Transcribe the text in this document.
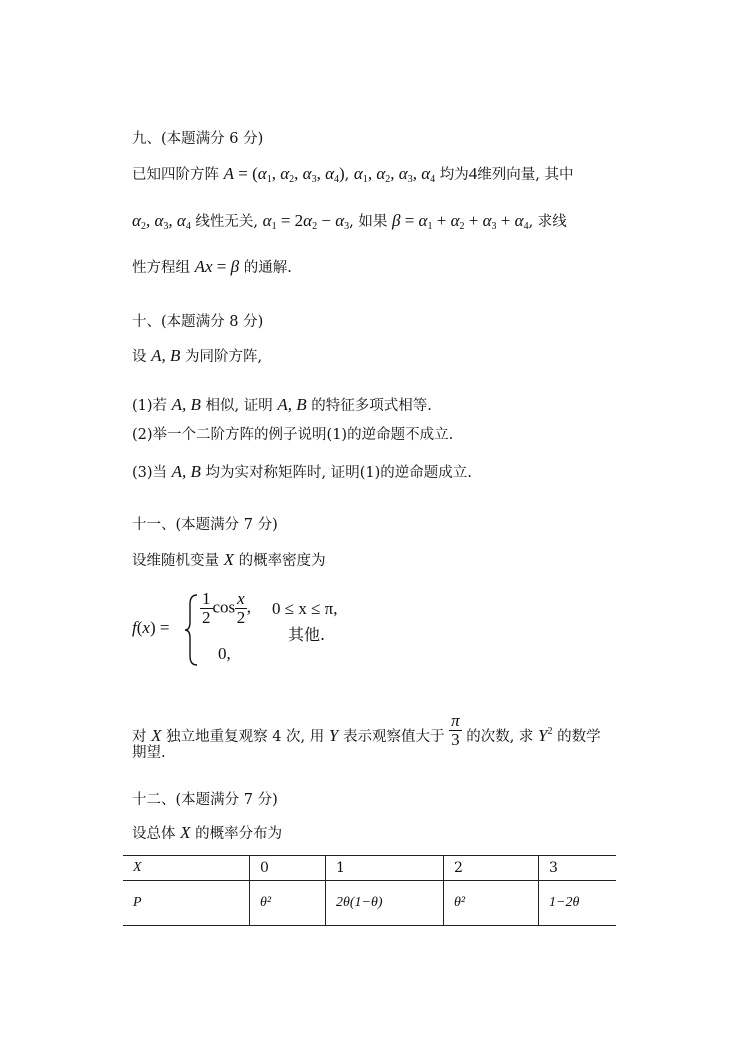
九、(本题满分 6 分)
已知四阶方阵 $A = (\alpha_1$, $\alpha_2$, $\alpha_3$, $\alpha_4$), $\alpha_1$, $\alpha_2$, $\alpha_3$, $\alpha_4$ 均为4维列向量, 其中
$\alpha_2$, $\alpha_3$, $\alpha_4$ 线性无关, $\alpha_1 = 2\alpha_2 - \alpha_3$, 如果 $\beta = \alpha_1 + \alpha_2 + \alpha_3 + \alpha_4$, 求线
性方程组 Ax = β 的通解.
十、(本题满分 8 分)
设 A, B 为同阶方阵,
(1)若 A, B 相似, 证明 A, B 的特征多项式相等.
(2)举一个二阶方阵的例子说明(1)的逆命题不成立.
(3)当 A, B 均为实对称矩阵时, 证明(1)的逆命题成立.
十一、(本题满分 7 分)
设维随机变量 X 的概率密度为
f(x) =
$\frac{1}{2}$ $\cos \frac{x}{2}$ , 0 ≤ x ≤ π,
0,
其他.
对 X 独立地重复观察 4 次, 用 Y 表示观察值大于 $\frac{\pi}{3}$ 的次数, 求 $Y^2$ 的数学
期望.
十二、(本题满分 7 分)
设总体 X 的概率分布为
X	0	1	2	3
P	θ²	2θ(1−θ)	θ²	1−2θ
